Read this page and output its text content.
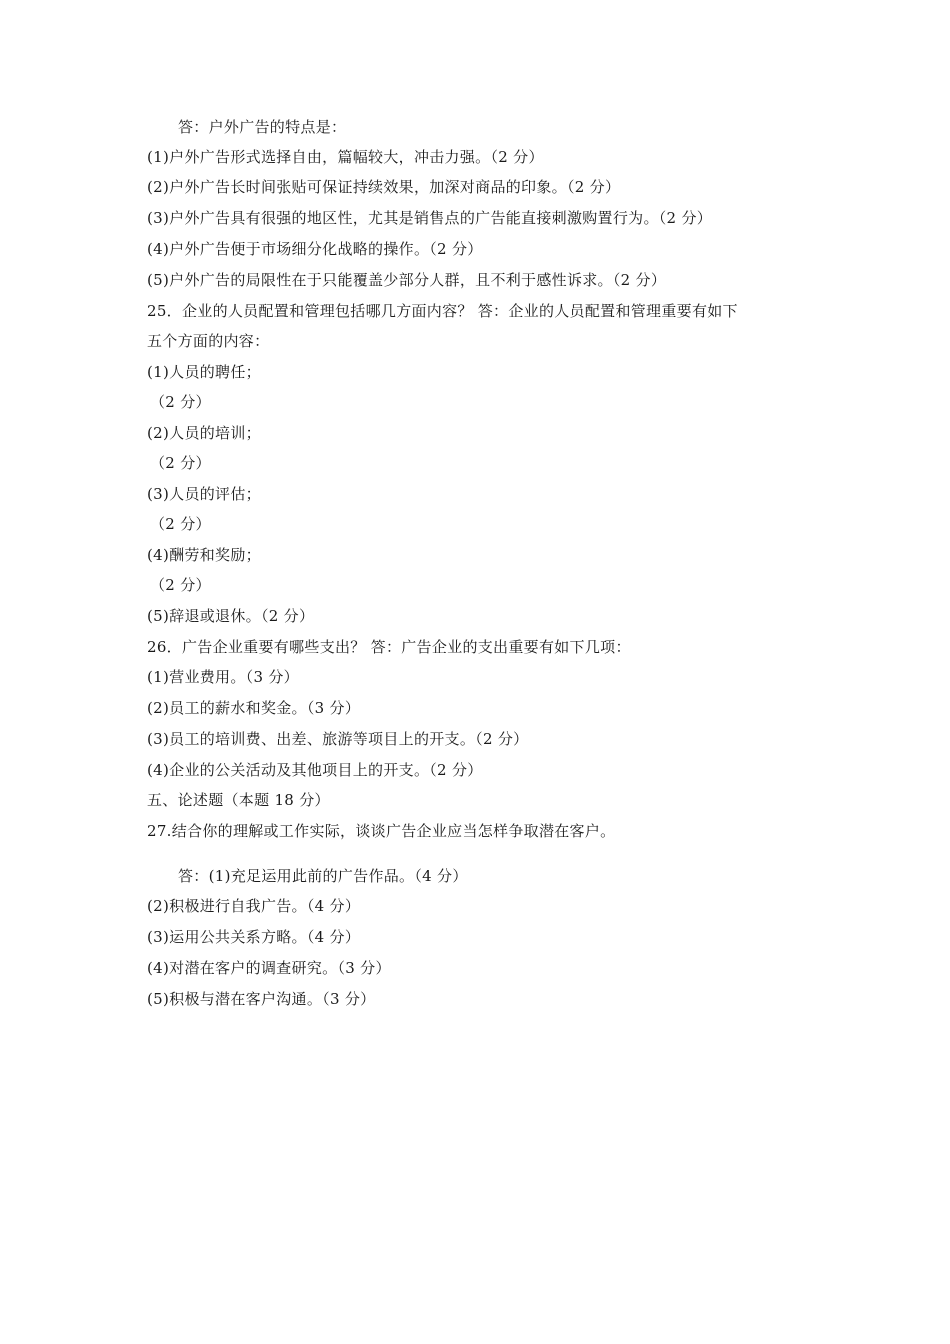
答：户外广告的特点是：
(1)户外广告形式选择自由，篇幅较大，冲击力强。（2 分）
(2)户外广告长时间张贴可保证持续效果，加深对商品的印象。（2 分）
(3)户外广告具有很强的地区性，尤其是销售点的广告能直接刺激购置行为。（2 分）
(4)户外广告便于市场细分化战略的操作。（2 分）
(5)户外广告的局限性在于只能覆盖少部分人群，且不利于感性诉求。（2 分）
25．企业的人员配置和管理包括哪几方面内容？ 答：企业的人员配置和管理重要有如下
五个方面的内容：
(1)人员的聘任；
（2 分）
(2)人员的培训；
（2 分）
(3)人员的评估；
（2 分）
(4)酬劳和奖励；
（2 分）
(5)辞退或退休。（2 分）
26．广告企业重要有哪些支出？ 答：广告企业的支出重要有如下几项：
(1)营业费用。（3 分）
(2)员工的薪水和奖金。（3 分）
(3)员工的培训费、出差、旅游等项目上的开支。（2 分）
(4)企业的公关活动及其他项目上的开支。（2 分）
五、论述题（本题 18 分）
27.结合你的理解或工作实际，谈谈广告企业应当怎样争取潜在客户。
答：(1)充足运用此前的广告作品。（4 分）
(2)积极进行自我广告。（4 分）
(3)运用公共关系方略。（4 分）
(4)对潜在客户的调查研究。（3 分）
(5)积极与潜在客户沟通。（3 分）
